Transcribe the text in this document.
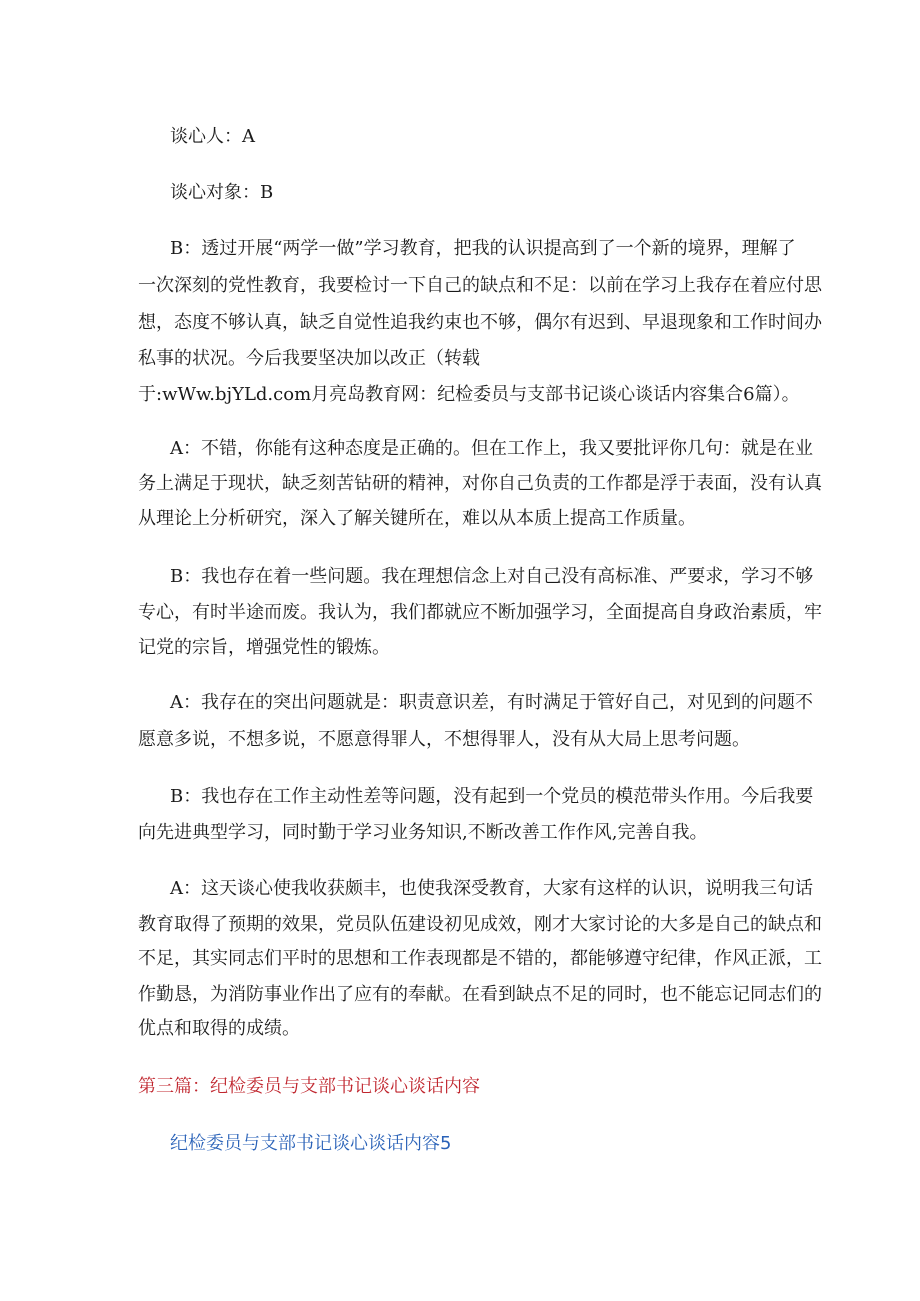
谈心人：A

谈心对象：B

B：透过开展“两学一做”学习教育，把我的认识提高到了一个新的境界，理解了

一次深刻的党性教育，我要检讨一下自己的缺点和不足：以前在学习上我存在着应付思

想，态度不够认真，缺乏自觉性追我约束也不够，偶尔有迟到、早退现象和工作时间办

私事的状况。今后我要坚决加以改正（转载

于:wWw.bjYLd.com月亮岛教育网：纪检委员与支部书记谈心谈话内容集合6篇）。

A：不错，你能有这种态度是正确的。但在工作上，我又要批评你几句：就是在业

务上满足于现状，缺乏刻苦钻研的精神，对你自己负责的工作都是浮于表面，没有认真

从理论上分析研究，深入了解关键所在，难以从本质上提高工作质量。

B：我也存在着一些问题。我在理想信念上对自己没有高标准、严要求，学习不够

专心，有时半途而废。我认为，我们都就应不断加强学习，全面提高自身政治素质，牢

记党的宗旨，增强党性的锻炼。

A：我存在的突出问题就是：职责意识差，有时满足于管好自己，对见到的问题不

愿意多说，不想多说，不愿意得罪人，不想得罪人，没有从大局上思考问题。

B：我也存在工作主动性差等问题，没有起到一个党员的模范带头作用。今后我要

向先进典型学习，同时勤于学习业务知识,不断改善工作作风,完善自我。

A：这天谈心使我收获颇丰，也使我深受教育，大家有这样的认识，说明我三句话

教育取得了预期的效果，党员队伍建设初见成效，刚才大家讨论的大多是自己的缺点和

不足，其实同志们平时的思想和工作表现都是不错的，都能够遵守纪律，作风正派，工

作勤恳，为消防事业作出了应有的奉献。在看到缺点不足的同时，也不能忘记同志们的

优点和取得的成绩。

第三篇：纪检委员与支部书记谈心谈话内容

纪检委员与支部书记谈心谈话内容5
